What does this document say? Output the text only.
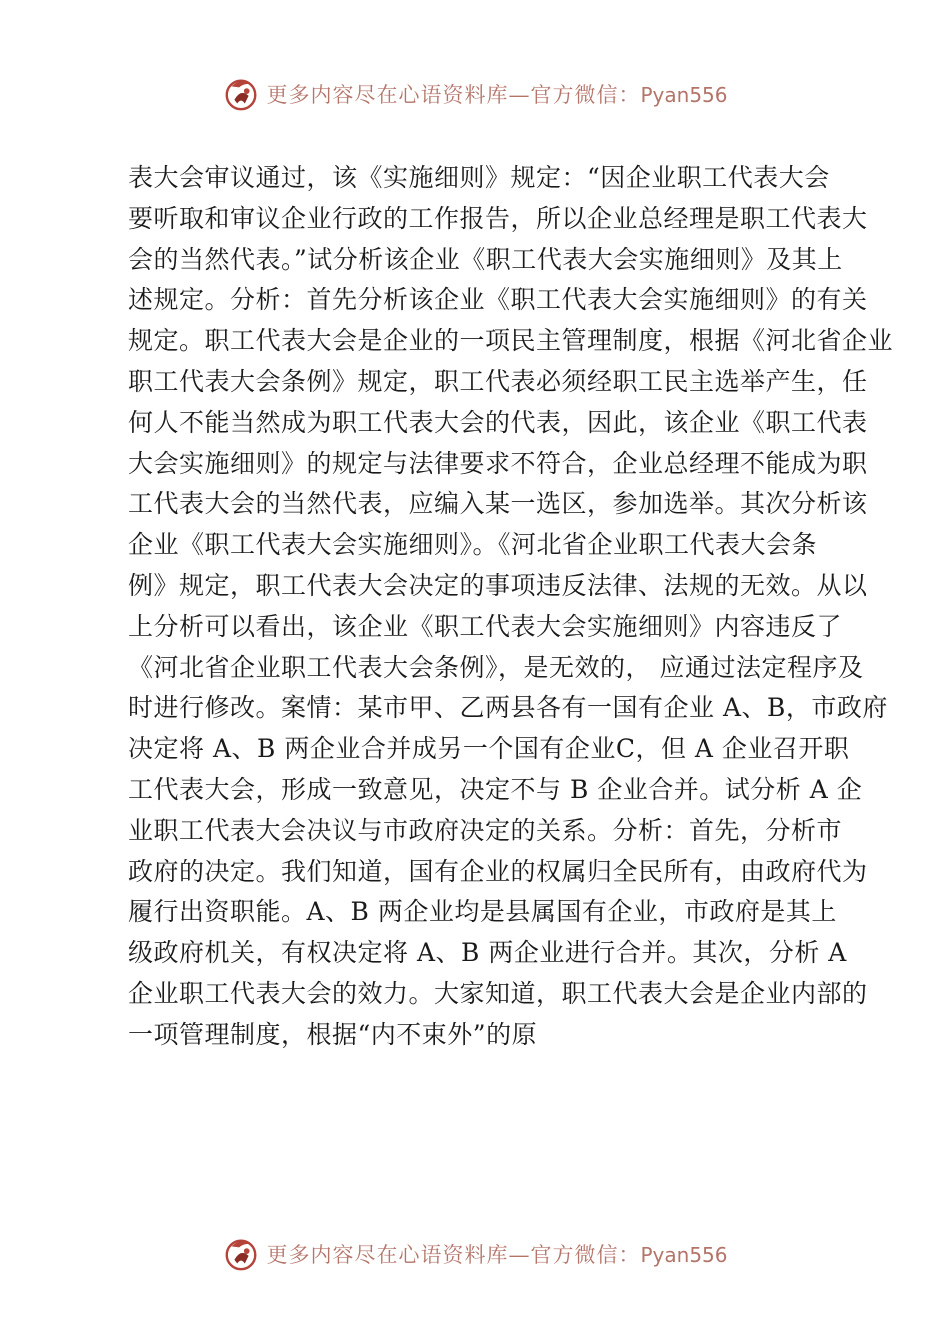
更多内容尽在心语资料库—官方微信：Pyan556
表大会审议通过，该《实施细则》规定：“因企业职工代表大会
要听取和审议企业行政的工作报告，所以企业总经理是职工代表大
会的当然代表。”试分析该企业《职工代表大会实施细则》及其上
述规定。分析：首先分析该企业《职工代表大会实施细则》的有关
规定。职工代表大会是企业的一项民主管理制度，根据《河北省企业
职工代表大会条例》规定，职工代表必须经职工民主选举产生，任
何人不能当然成为职工代表大会的代表，因此，该企业《职工代表
大会实施细则》的规定与法律要求不符合，企业总经理不能成为职
工代表大会的当然代表，应编入某一选区，参加选举。其次分析该
企业《职工代表大会实施细则》。《河北省企业职工代表大会条
例》规定，职工代表大会决定的事项违反法律、法规的无效。从以
上分析可以看出，该企业《职工代表大会实施细则》内容违反了
《河北省企业职工代表大会条例》，是无效的， 应通过法定程序及
时进行修改。案情：某市甲、乙两县各有一国有企业 A、B，市政府
决定将 A、B 两企业合并成另一个国有企业C，但 A 企业召开职
工代表大会，形成一致意见，决定不与 B 企业合并。试分析 A 企
业职工代表大会决议与市政府决定的关系。分析：首先，分析市
政府的决定。我们知道，国有企业的权属归全民所有，由政府代为
履行出资职能。A、B 两企业均是县属国有企业，市政府是其上
级政府机关，有权决定将 A、B 两企业进行合并。其次，分析 A
企业职工代表大会的效力。大家知道，职工代表大会是企业内部的
一项管理制度，根据“内不束外”的原
更多内容尽在心语资料库—官方微信：Pyan556
